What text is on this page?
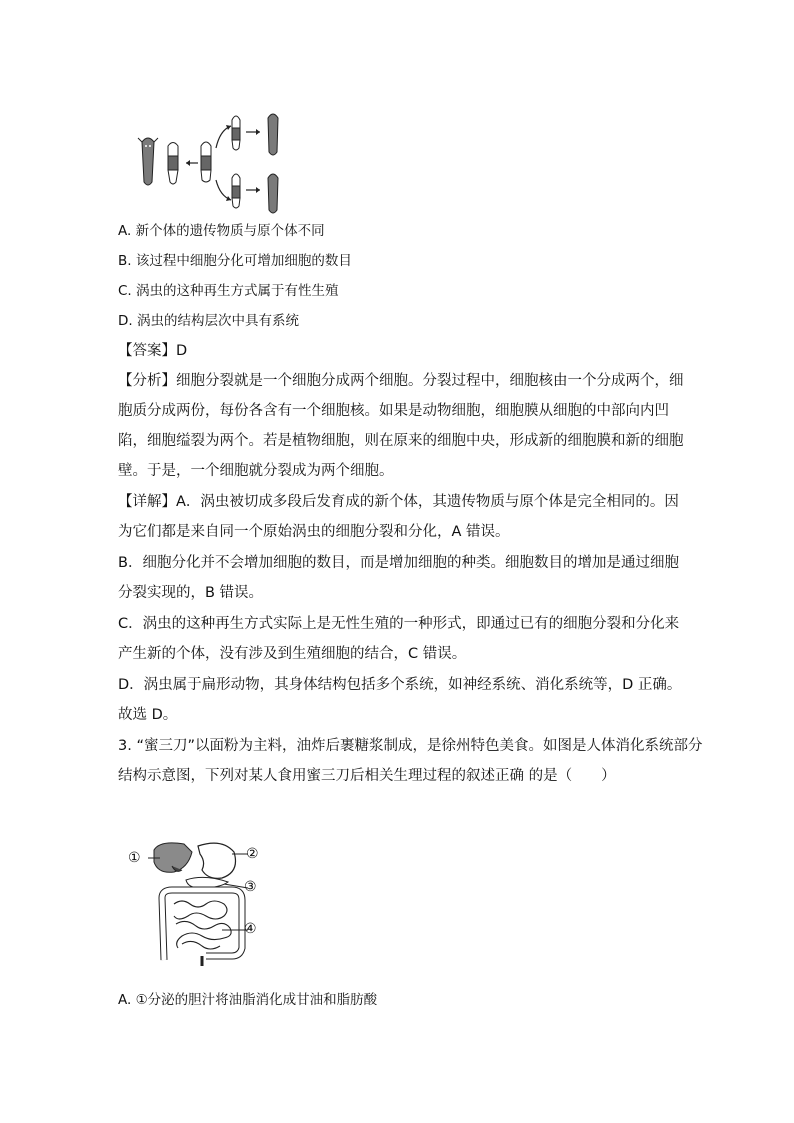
A. 新个体的遗传物质与原个体不同
B. 该过程中细胞分化可增加细胞的数目
C. 涡虫的这种再生方式属于有性生殖
D. 涡虫的结构层次中具有系统
【答案】D
【分析】细胞分裂就是一个细胞分成两个细胞。分裂过程中，细胞核由一个分成两个，细
胞质分成两份，每份各含有一个细胞核。如果是动物细胞，细胞膜从细胞的中部向内凹
陷，细胞缢裂为两个。若是植物细胞，则在原来的细胞中央，形成新的细胞膜和新的细胞
壁。于是，一个细胞就分裂成为两个细胞。
【详解】A．涡虫被切成多段后发育成的新个体，其遗传物质与原个体是完全相同的。因
为它们都是来自同一个原始涡虫的细胞分裂和分化，A 错误。
B．细胞分化并不会增加细胞的数目，而是增加细胞的种类。细胞数目的增加是通过细胞
分裂实现的，B 错误。
C．涡虫的这种再生方式实际上是无性生殖的一种形式，即通过已有的细胞分裂和分化来
产生新的个体，没有涉及到生殖细胞的结合，C 错误。
D．涡虫属于扁形动物，其身体结构包括多个系统，如神经系统、消化系统等，D 正确。
故选 D。
3. “蜜三刀”以面粉为主料，油炸后裹糖浆制成，是徐州特色美食。如图是人体消化系统部分
结构示意图，下列对某人食用蜜三刀后相关生理过程的叙述正确 的是（　　）
①	②
③
④
A. ①分泌的胆汁将油脂消化成甘油和脂肪酸
